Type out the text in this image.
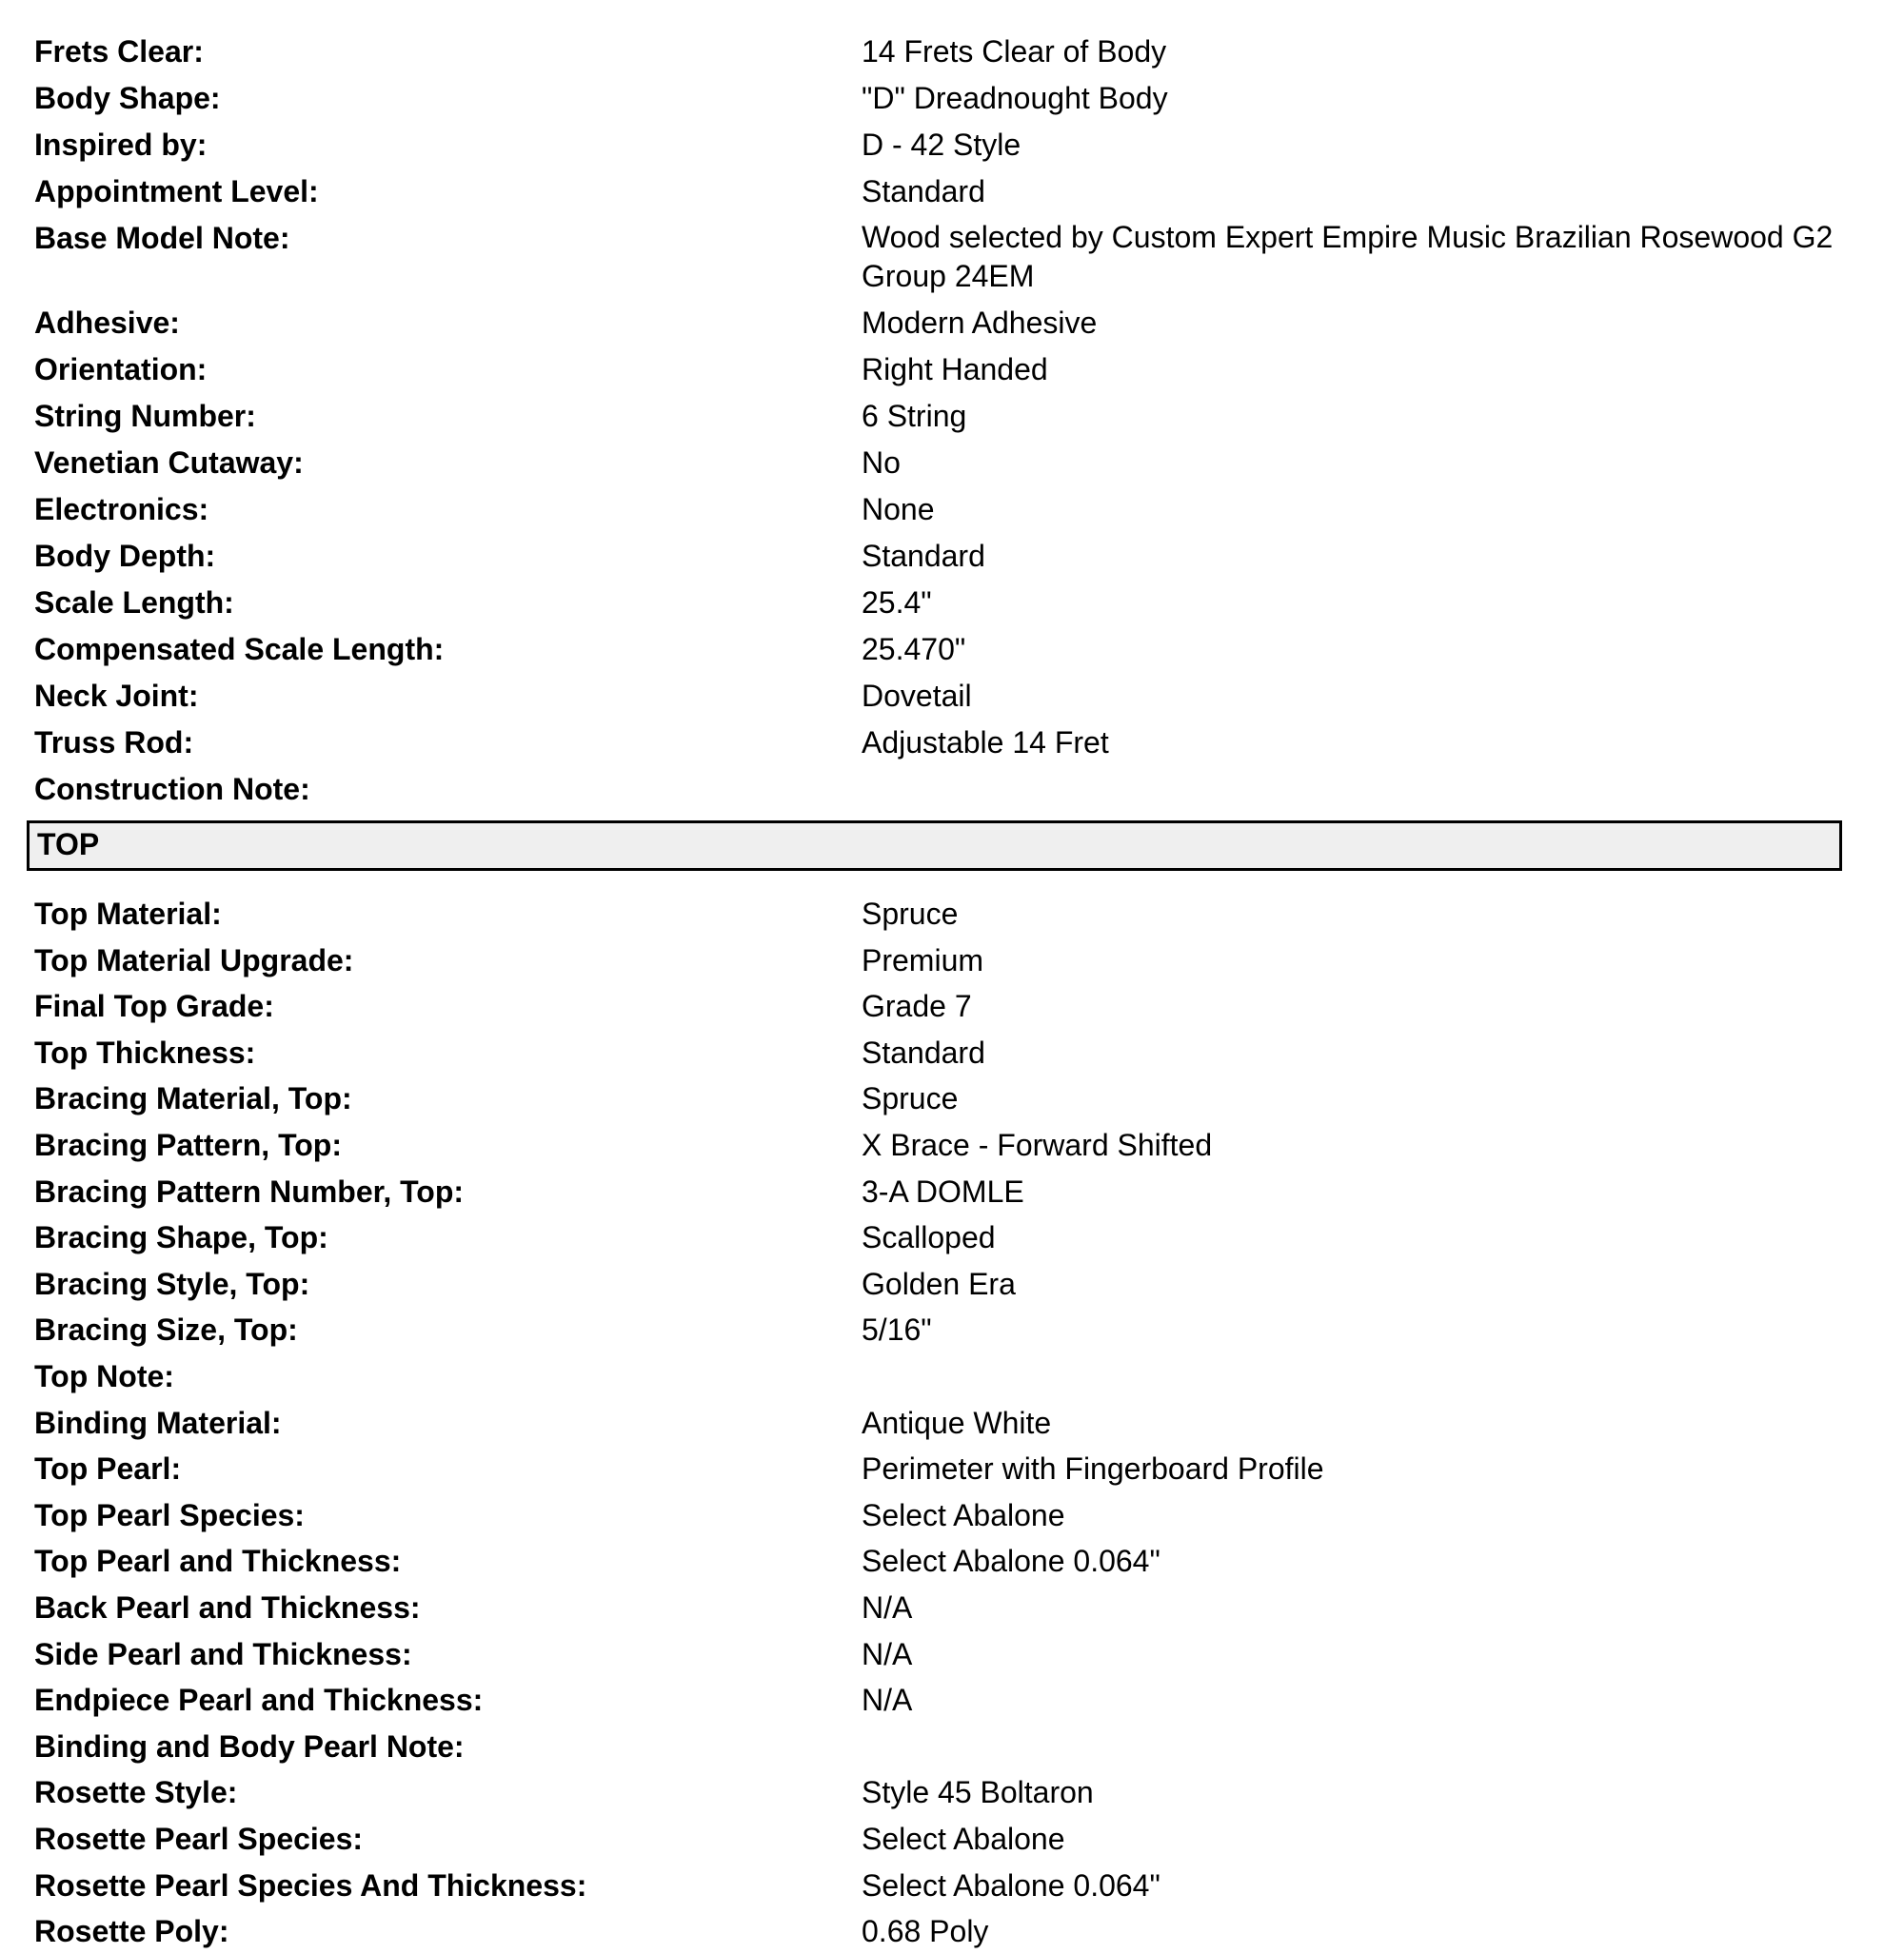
Frets Clear:	14 Frets Clear of Body
Body Shape:	"D" Dreadnought Body
Inspired by:	D - 42 Style
Appointment Level:	Standard
Base Model Note:	Wood selected by Custom Expert Empire Music Brazilian Rosewood G2 Group 24EM
Adhesive:	Modern Adhesive
Orientation:	Right Handed
String Number:	6 String
Venetian Cutaway:	No
Electronics:	None
Body Depth:	Standard
Scale Length:	25.4"
Compensated Scale Length:	25.470"
Neck Joint:	Dovetail
Truss Rod:	Adjustable 14 Fret
Construction Note:
TOP
Top Material:	Spruce
Top Material Upgrade:	Premium
Final Top Grade:	Grade 7
Top Thickness:	Standard
Bracing Material, Top:	Spruce
Bracing Pattern, Top:	X Brace - Forward Shifted
Bracing Pattern Number, Top:	3-A DOMLE
Bracing Shape, Top:	Scalloped
Bracing Style, Top:	Golden Era
Bracing Size, Top:	5/16"
Top Note:
Binding Material:	Antique White
Top Pearl:	Perimeter with Fingerboard Profile
Top Pearl Species:	Select Abalone
Top Pearl and Thickness:	Select Abalone 0.064"
Back Pearl and Thickness:	N/A
Side Pearl and Thickness:	N/A
Endpiece Pearl and Thickness:	N/A
Binding and Body Pearl Note:
Rosette Style:	Style 45 Boltaron
Rosette Pearl Species:	Select Abalone
Rosette Pearl Species And Thickness:	Select Abalone 0.064"
Rosette Poly:	0.68 Poly
